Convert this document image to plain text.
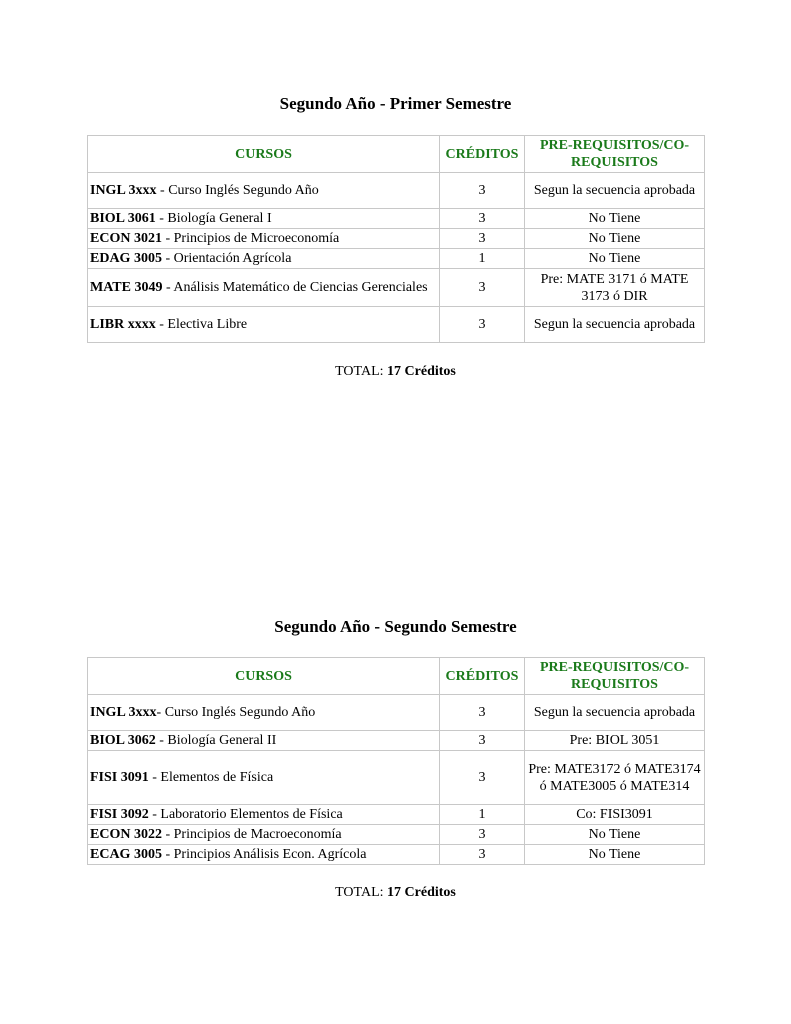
Segundo Año - Primer Semestre
CURSOS	CRÉDITOS	PRE-REQUISITOS/CO-REQUISITOS
INGL 3xxx - Curso Inglés Segundo Año	3	Segun la secuencia aprobada
BIOL 3061 - Biología General I	3	No Tiene
ECON 3021 - Principios de Microeconomía	3	No Tiene
EDAG 3005 - Orientación Agrícola	1	No Tiene
MATE 3049 - Análisis Matemático de Ciencias Gerenciales	3	Pre: MATE 3171 ó MATE 3173 ó DIR
LIBR xxxx - Electiva Libre	3	Segun la secuencia aprobada
TOTAL: 17 Créditos
Segundo Año - Segundo Semestre
CURSOS	CRÉDITOS	PRE-REQUISITOS/CO-REQUISITOS
INGL 3xxx- Curso Inglés Segundo Año	3	Segun la secuencia aprobada
BIOL 3062 - Biología General II	3	Pre: BIOL 3051
FISI 3091 - Elementos de Física	3	Pre: MATE3172 ó MATE3174 ó MATE3005 ó MATE314
FISI 3092 - Laboratorio Elementos de Física	1	Co: FISI3091
ECON 3022 - Principios de Macroeconomía	3	No Tiene
ECAG 3005 - Principios Análisis Econ. Agrícola	3	No Tiene
TOTAL: 17 Créditos
